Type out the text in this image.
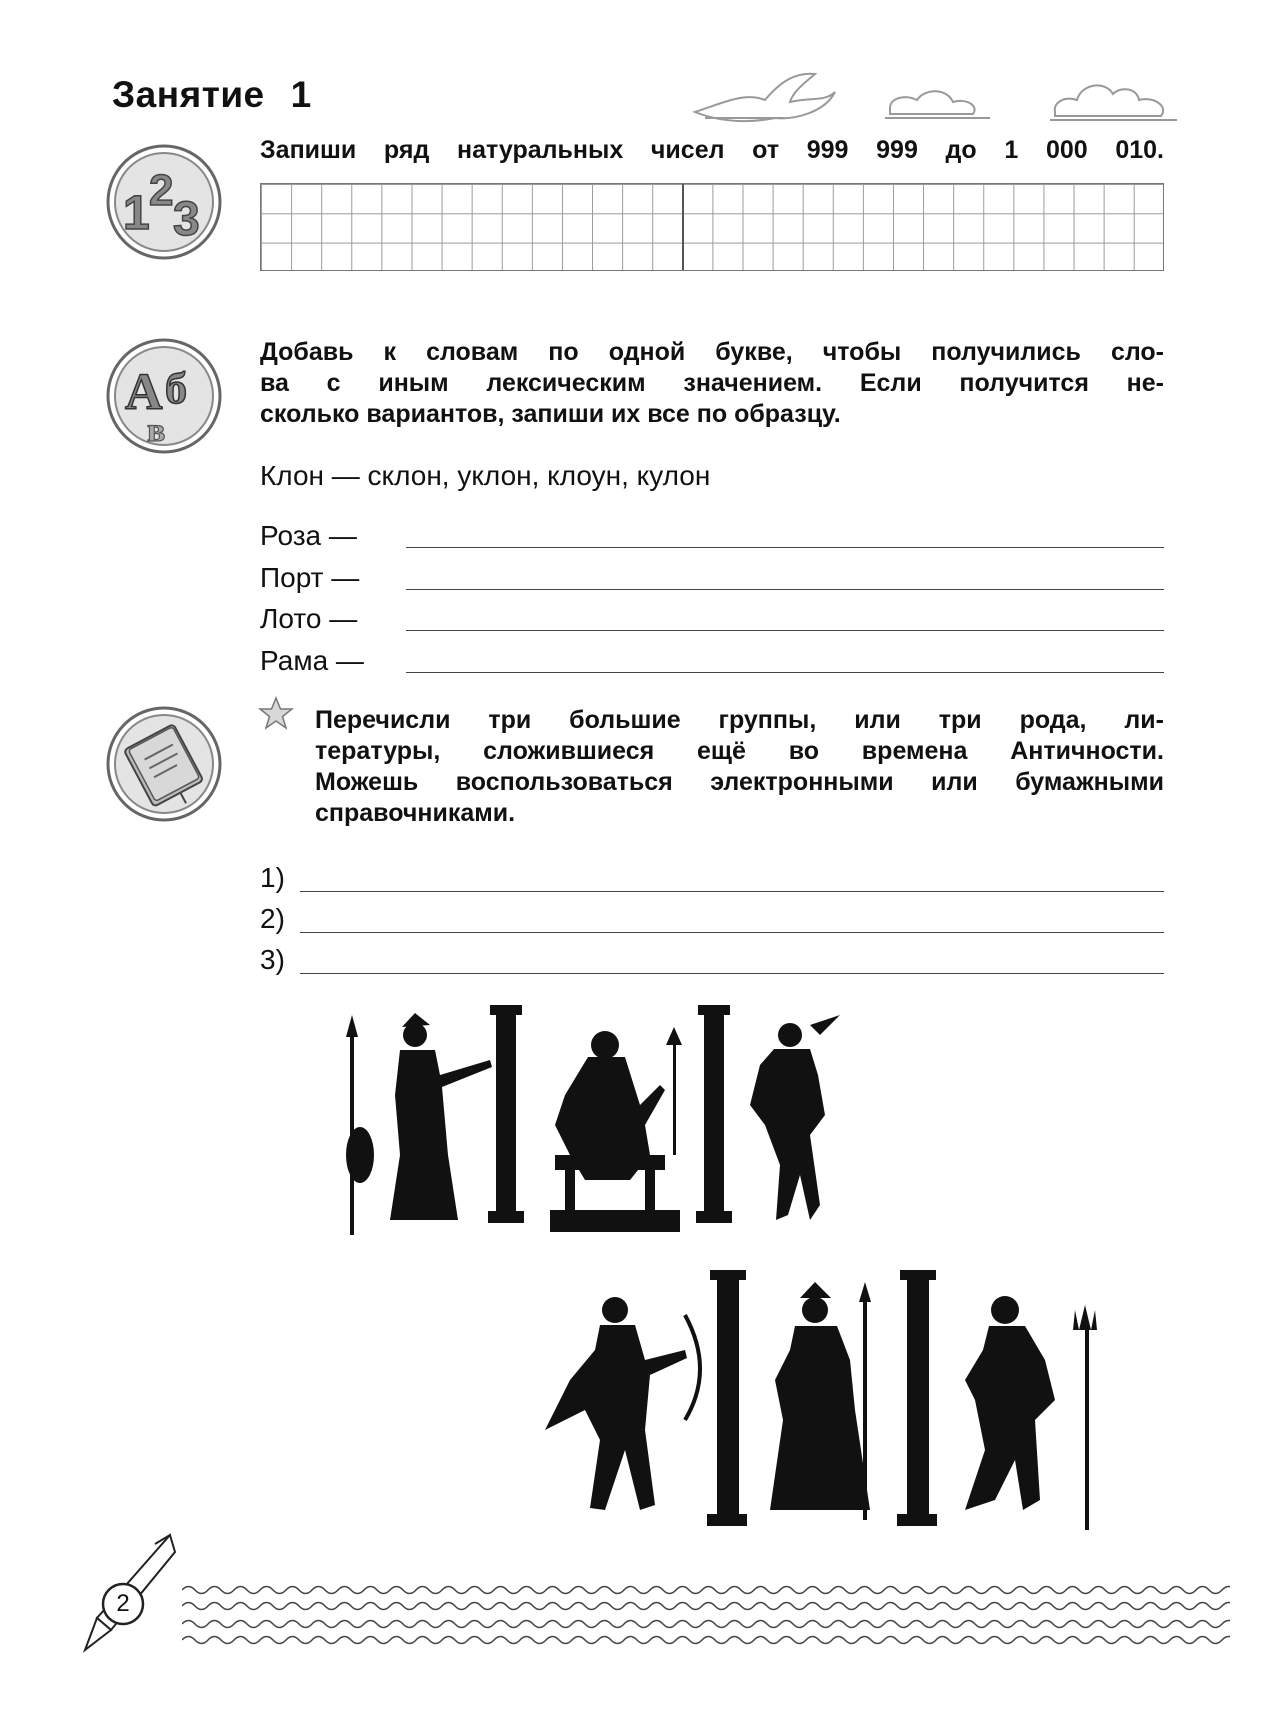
Занятие 1
1 2
3
Запиши ряд натуральных чисел от 999 999 до 1 000 010.
А б
в
Добавь к словам по одной букве, чтобы получились сло-
ва с иным лексическим значением. Если получится не-
сколько вариантов, запиши их все по образцу.
Клон — склон, уклон, клоун, кулон
Роза —
Порт —
Лото —
Рама —
Перечисли три большие группы, или три рода, ли-
тературы, сложившиеся ещё во времена Античности.
Можешь воспользоваться электронными или бумажными
справочниками.
1)
2)
3)
2
